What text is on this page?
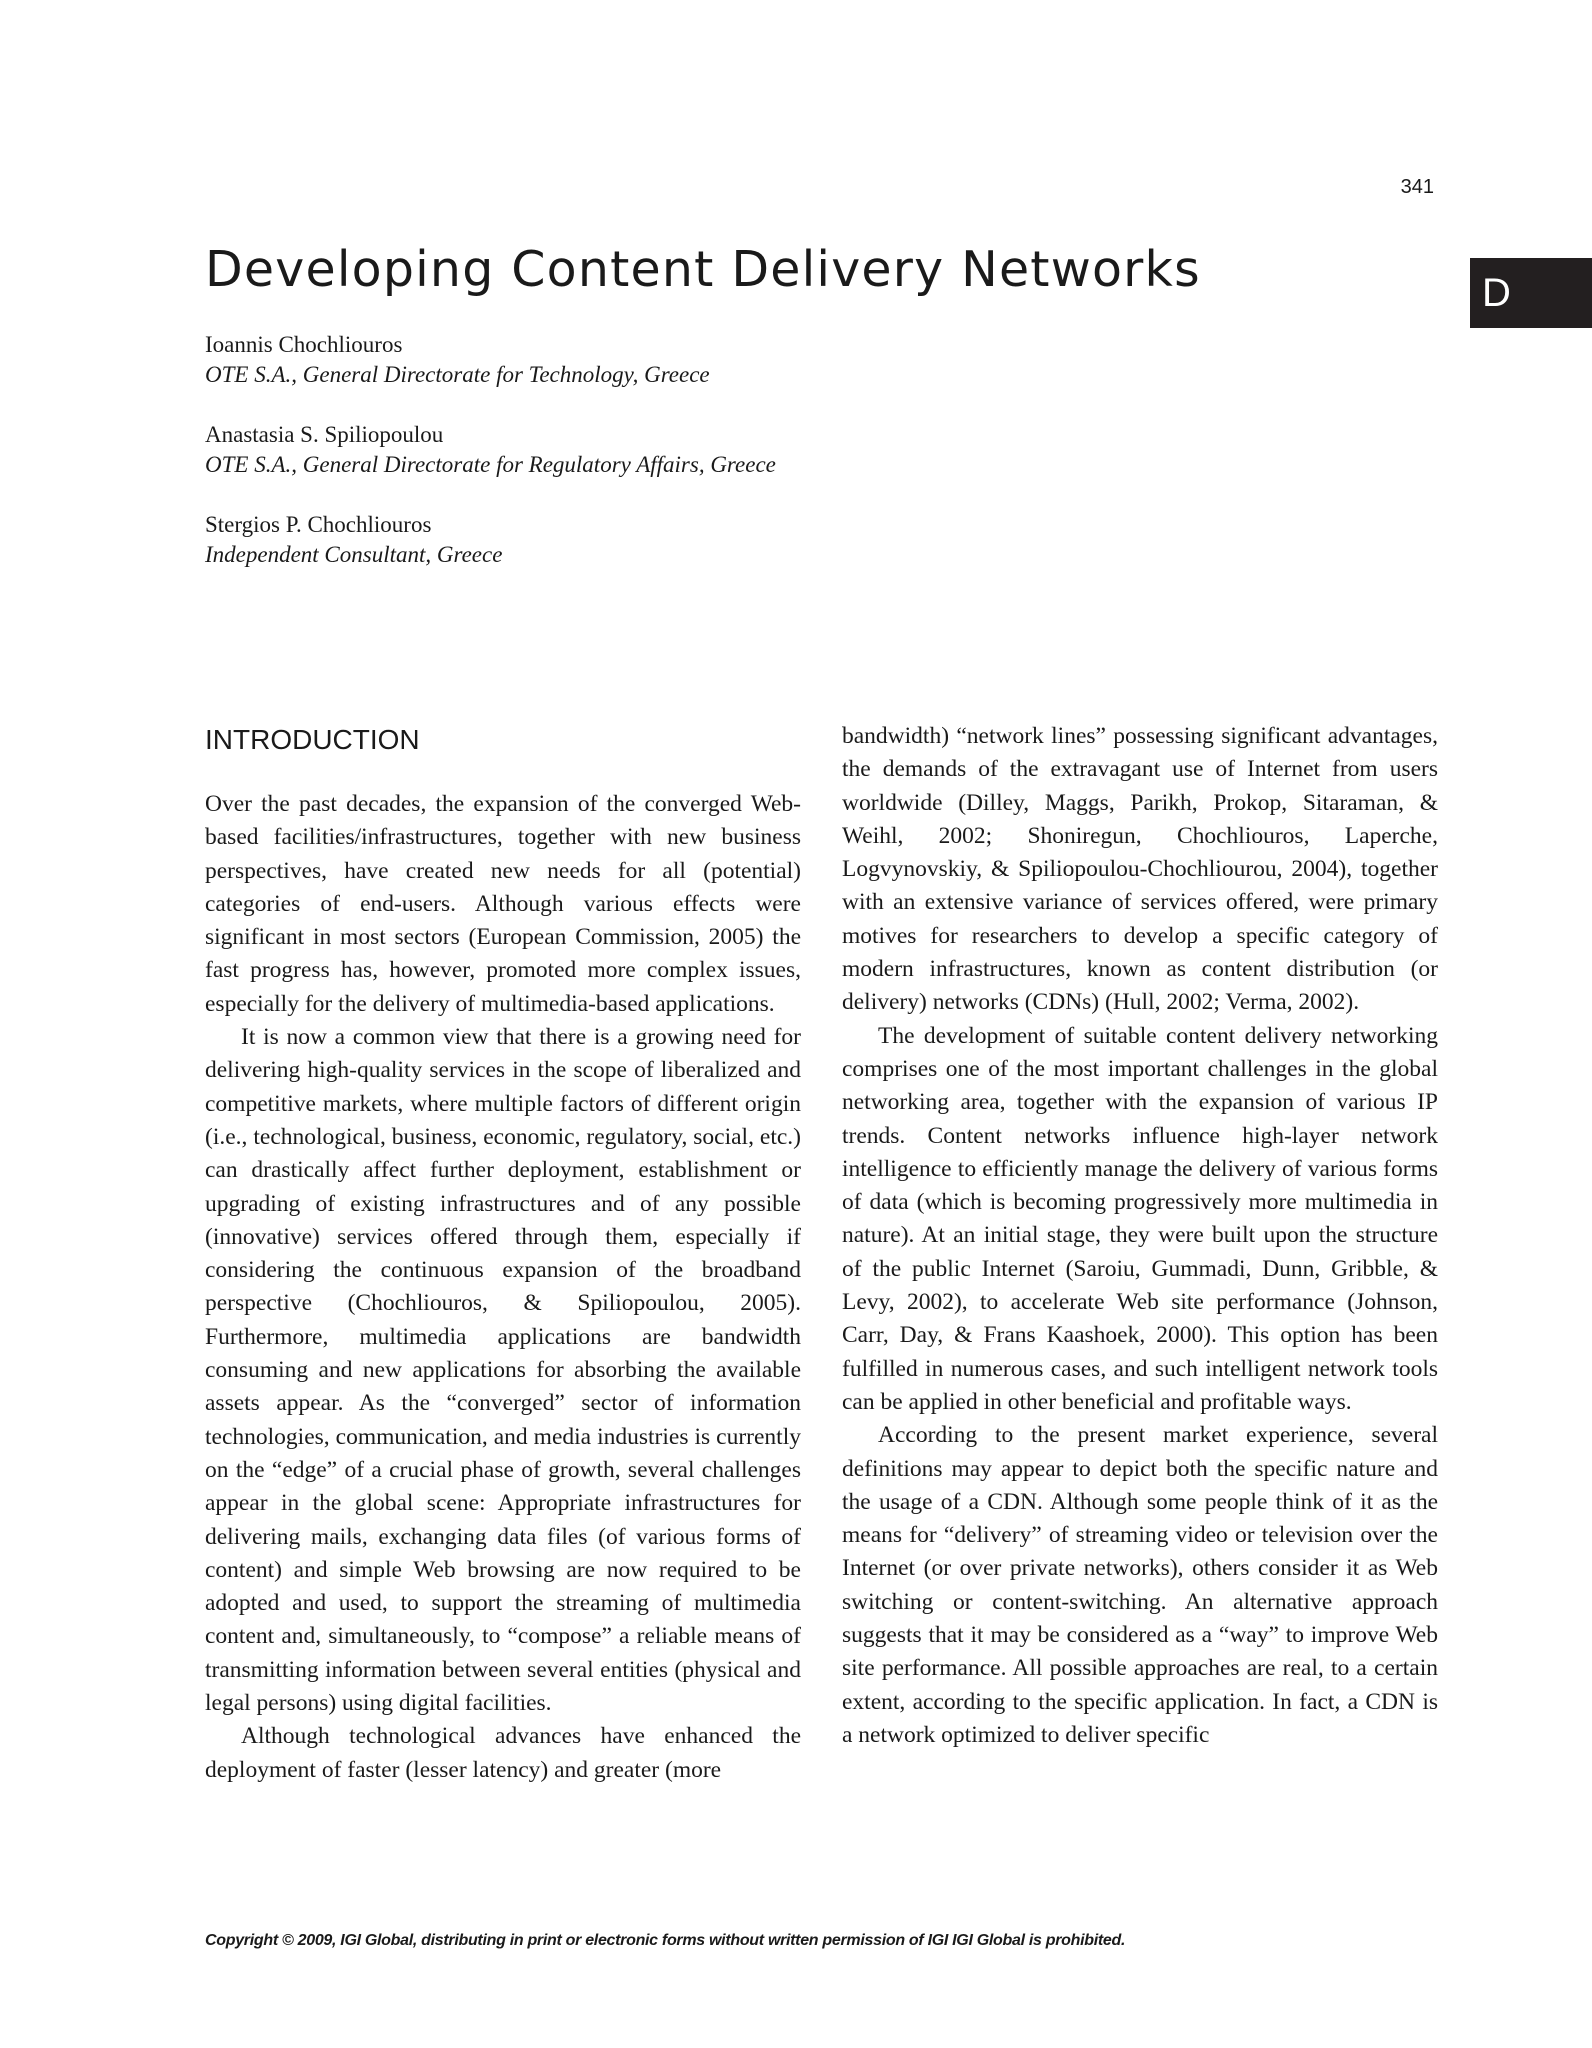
341
D
Developing Content Delivery Networks
Ioannis Chochliouros
OTE S.A., General Directorate for Technology, Greece
Anastasia S. Spiliopoulou
OTE S.A., General Directorate for Regulatory Affairs, Greece
Stergios P. Chochliouros
Independent Consultant, Greece
INTRODUCTION

Over the past decades, the expansion of the converged Web-based facilities/infrastructures, together with new business perspectives, have created new needs for all (potential) categories of end-users. Although various effects were significant in most sectors (European Commission, 2005) the fast progress has, however, promoted more complex issues, especially for the delivery of multimedia-based applications.

It is now a common view that there is a growing need for delivering high-quality services in the scope of liberalized and competitive markets, where multiple factors of different origin (i.e., technological, business, economic, regulatory, social, etc.) can drastically affect further deployment, establishment or upgrading of existing infrastructures and of any possible (innovative) services offered through them, especially if considering the continuous expansion of the broadband perspective (Chochliouros, & Spiliopoulou, 2005). Furthermore, multimedia applications are bandwidth consuming and new applications for absorbing the available assets appear. As the “converged” sector of information technologies, communication, and media industries is currently on the “edge” of a crucial phase of growth, several challenges appear in the global scene: Appropriate infrastructures for delivering mails, exchanging data files (of various forms of content) and simple Web browsing are now required to be adopted and used, to support the streaming of multimedia content and, simultaneously, to “compose” a reliable means of transmitting information between several entities (physical and legal persons) using digital facilities.

Although technological advances have enhanced the deployment of faster (lesser latency) and greater (more

bandwidth) “network lines” possessing significant advantages, the demands of the extravagant use of Internet from users worldwide (Dilley, Maggs, Parikh, Prokop, Sitaraman, & Weihl, 2002; Shoniregun, Chochliouros, Laperche, Logvynovskiy, & Spiliopoulou-Chochliourou, 2004), together with an extensive variance of services offered, were primary motives for researchers to develop a specific category of modern infrastructures, known as content distribution (or delivery) networks (CDNs) (Hull, 2002; Verma, 2002).

The development of suitable content delivery networking comprises one of the most important challenges in the global networking area, together with the expansion of various IP trends. Content networks influence high-layer network intelligence to efficiently manage the delivery of various forms of data (which is becoming progressively more multimedia in nature). At an initial stage, they were built upon the structure of the public Internet (Saroiu, Gummadi, Dunn, Gribble, & Levy, 2002), to accelerate Web site performance (Johnson, Carr, Day, & Frans Kaashoek, 2000). This option has been fulfilled in numerous cases, and such intelligent network tools can be applied in other beneficial and profitable ways.

According to the present market experience, several definitions may appear to depict both the specific nature and the usage of a CDN. Although some people think of it as the means for “delivery” of streaming video or television over the Internet (or over private networks), others consider it as Web switching or content-switching. An alternative approach suggests that it may be considered as a “way” to improve Web site performance. All possible approaches are real, to a certain extent, according to the specific application. In fact, a CDN is a network optimized to deliver specific

Copyright © 2009, IGI Global, distributing in print or electronic forms without written permission of IGI IGI Global is prohibited.
